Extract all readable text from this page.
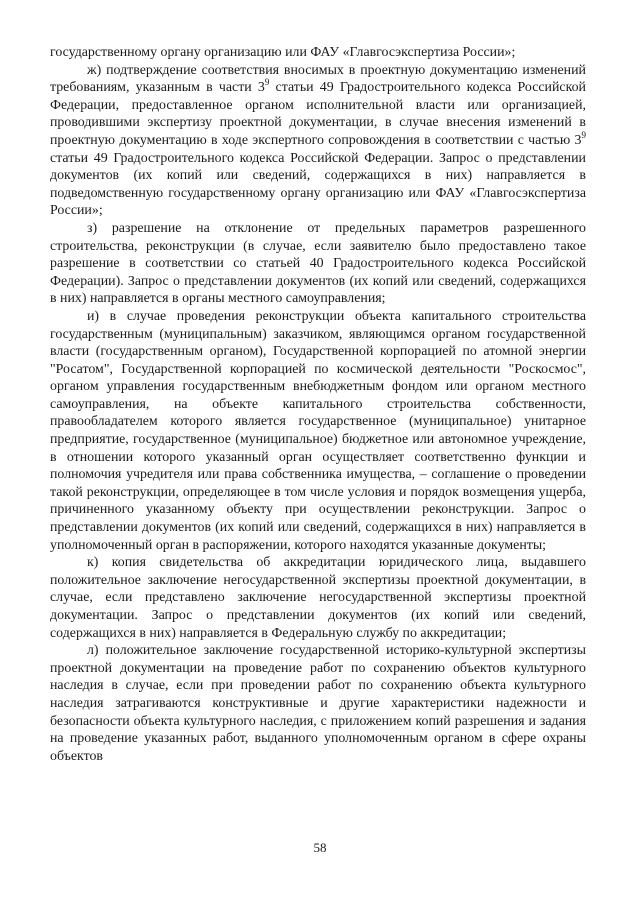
государственному органу организацию или ФАУ «Главгосэкспертиза России»;

ж) подтверждение соответствия вносимых в проектную документацию изменений требованиям, указанным в части $3^9$ статьи 49 Градостроительного кодекса Российской Федерации, предоставленное органом исполнительной власти или организацией, проводившими экспертизу проектной документации, в случае внесения изменений в проектную документацию в ходе экспертного сопровождения в соответствии с частью $3^9$ статьи 49 Градостроительного кодекса Российской Федерации. Запрос о представлении документов (их копий или сведений, содержащихся в них) направляется в подведомственную государственному органу организацию или ФАУ «Главгосэкспертиза России»;

з) разрешение на отклонение от предельных параметров разрешенного строительства, реконструкции (в случае, если заявителю было предоставлено такое разрешение в соответствии со статьей 40 Градостроительного кодекса Российской Федерации). Запрос о представлении документов (их копий или сведений, содержащихся в них) направляется в органы местного самоуправления;

и) в случае проведения реконструкции объекта капитального строительства государственным (муниципальным) заказчиком, являющимся органом государственной власти (государственным органом), Государственной корпорацией по атомной энергии "Росатом", Государственной корпорацией по космической деятельности "Роскосмос", органом управления государственным внебюджетным фондом или органом местного самоуправления, на объекте капитального строительства собственности, правообладателем которого является государственное (муниципальное) унитарное предприятие, государственное (муниципальное) бюджетное или автономное учреждение, в отношении которого указанный орган осуществляет соответственно функции и полномочия учредителя или права собственника имущества, – соглашение о проведении такой реконструкции, определяющее в том числе условия и порядок возмещения ущерба, причиненного указанному объекту при осуществлении реконструкции. Запрос о представлении документов (их копий или сведений, содержащихся в них) направляется в уполномоченный орган в распоряжении, которого находятся указанные документы;

к) копия свидетельства об аккредитации юридического лица, выдавшего положительное заключение негосударственной экспертизы проектной документации, в случае, если представлено заключение негосударственной экспертизы проектной документации. Запрос о представлении документов (их копий или сведений, содержащихся в них) направляется в Федеральную службу по аккредитации;

л) положительное заключение государственной историко-культурной экспертизы проектной документации на проведение работ по сохранению объектов культурного наследия в случае, если при проведении работ по сохранению объекта культурного наследия затрагиваются конструктивные и другие характеристики надежности и безопасности объекта культурного наследия, с приложением копий разрешения и задания на проведение указанных работ, выданного уполномоченным органом в сфере охраны объектов

58
